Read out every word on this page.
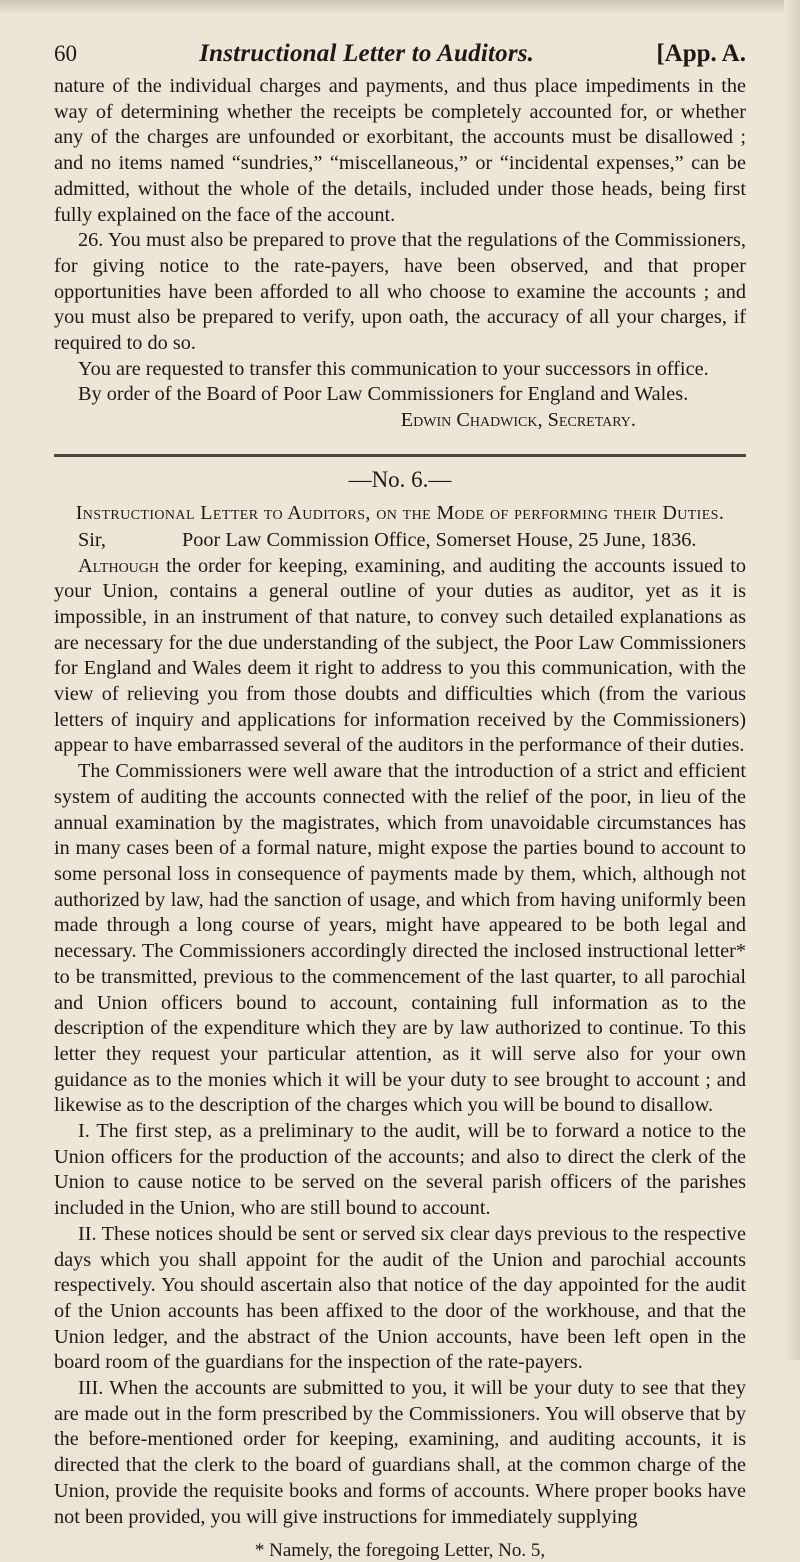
60	Instructional Letter to Auditors.	[App. A.

nature of the individual charges and payments, and thus place impediments in the way of determining whether the receipts be completely accounted for, or whether any of the charges are unfounded or exorbitant, the accounts must be disallowed ; and no items named “sundries,” “miscellaneous,” or “incidental expenses,” can be admitted, without the whole of the details, included under those heads, being first fully explained on the face of the account.

26. You must also be prepared to prove that the regulations of the Commissioners, for giving notice to the rate-payers, have been observed, and that proper opportunities have been afforded to all who choose to examine the accounts ; and you must also be prepared to verify, upon oath, the accuracy of all your charges, if required to do so.

You are requested to transfer this communication to your successors in office.

By order of the Board of Poor Law Commissioners for England and Wales.

Edwin Chadwick, Secretary.

—No. 6.—
Instructional Letter to Auditors, on the Mode of performing their Duties.
Sir,	Poor Law Commission Office, Somerset House, 25 June, 1836.

Although the order for keeping, examining, and auditing the accounts issued to your Union, contains a general outline of your duties as auditor, yet as it is impossible, in an instrument of that nature, to convey such detailed explanations as are necessary for the due understanding of the subject, the Poor Law Commissioners for England and Wales deem it right to address to you this communication, with the view of relieving you from those doubts and difficulties which (from the various letters of inquiry and applications for information received by the Commissioners) appear to have embarrassed several of the auditors in the performance of their duties.

The Commissioners were well aware that the introduction of a strict and efficient system of auditing the accounts connected with the relief of the poor, in lieu of the annual examination by the magistrates, which from unavoidable circumstances has in many cases been of a formal nature, might expose the parties bound to account to some personal loss in consequence of payments made by them, which, although not authorized by law, had the sanction of usage, and which from having uniformly been made through a long course of years, might have appeared to be both legal and necessary. The Commissioners accordingly directed the inclosed instructional letter* to be transmitted, previous to the commencement of the last quarter, to all parochial and Union officers bound to account, containing full information as to the description of the expenditure which they are by law authorized to continue. To this letter they request your particular attention, as it will serve also for your own guidance as to the monies which it will be your duty to see brought to account ; and likewise as to the description of the charges which you will be bound to disallow.

I. The first step, as a preliminary to the audit, will be to forward a notice to the Union officers for the production of the accounts; and also to direct the clerk of the Union to cause notice to be served on the several parish officers of the parishes included in the Union, who are still bound to account.

II. These notices should be sent or served six clear days previous to the respective days which you shall appoint for the audit of the Union and parochial accounts respectively. You should ascertain also that notice of the day appointed for the audit of the Union accounts has been affixed to the door of the workhouse, and that the Union ledger, and the abstract of the Union accounts, have been left open in the board room of the guardians for the inspection of the rate-payers.

III. When the accounts are submitted to you, it will be your duty to see that they are made out in the form prescribed by the Commissioners. You will observe that by the before-mentioned order for keeping, examining, and auditing accounts, it is directed that the clerk to the board of guardians shall, at the common charge of the Union, provide the requisite books and forms of accounts. Where proper books have not been provided, you will give instructions for immediately supplying

* Namely, the foregoing Letter, No. 5,
